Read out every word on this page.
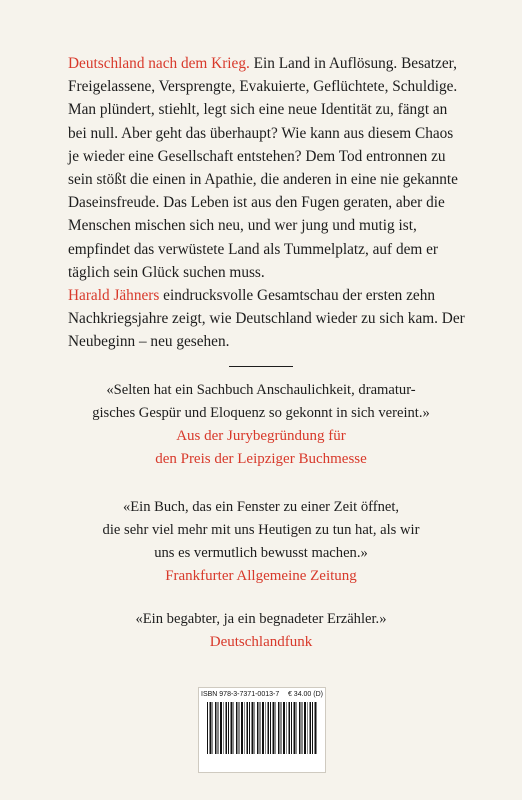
Deutschland nach dem Krieg. Ein Land in Auflösung. Besatzer, Freigelassene, Versprengte, Evakuierte, Geflüchtete, Schuldige. Man plündert, stiehlt, legt sich eine neue Identität zu, fängt an bei null. Aber geht das überhaupt? Wie kann aus diesem Chaos je wieder eine Gesellschaft entstehen? Dem Tod entronnen zu sein stößt die einen in Apathie, die anderen in eine nie gekannte Daseinsfreude. Das Leben ist aus den Fugen geraten, aber die Menschen mischen sich neu, und wer jung und mutig ist, empfindet das verwüstete Land als Tummelplatz, auf dem er täglich sein Glück suchen muss.

Harald Jähners eindrucksvolle Gesamtschau der ersten zehn Nachkriegsjahre zeigt, wie Deutschland wieder zu sich kam. Der Neubeginn – neu gesehen.

«Selten hat ein Sachbuch Anschaulichkeit, dramatur-
gisches Gespür und Eloquenz so gekonnt in sich vereint.»
Aus der Jurybegründung für
den Preis der Leipziger Buchmesse
«Ein Buch, das ein Fenster zu einer Zeit öffnet,
die sehr viel mehr mit uns Heutigen zu tun hat, als wir
uns es vermutlich bewusst machen.»
Frankfurter Allgemeine Zeitung
«Ein begabter, ja ein begnadeter Erzähler.»
Deutschlandfunk
ISBN 978-3-7371-0013-7 € 34.00 (D)
